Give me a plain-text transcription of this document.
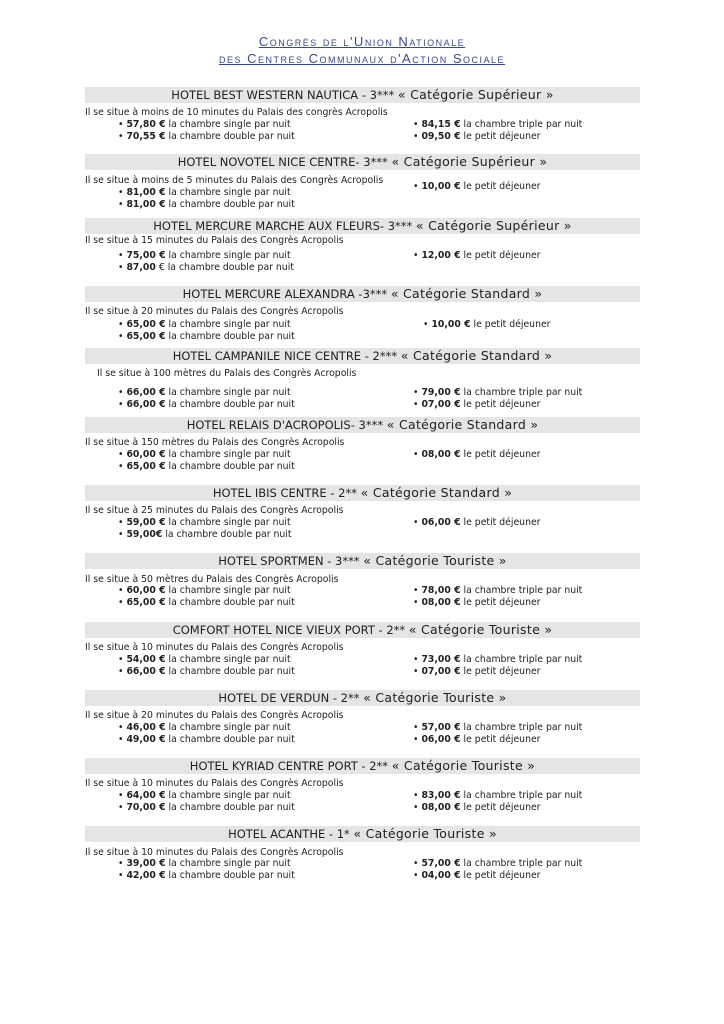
Congrès de l'Union Nationale
des Centres Communaux d'Action Sociale
HOTEL BEST WESTERN NAUTICA - 3*** « Catégorie Supérieur »
Il se situe à moins de 10 minutes du Palais des congrès Acropolis
• 57,80 € la chambre single par nuit
• 70,55 € la chambre double par nuit
• 84,15 € la chambre triple par nuit
• 09,50 € le petit déjeuner
HOTEL NOVOTEL NICE CENTRE- 3*** « Catégorie Supérieur »
Il se situe à moins de 5 minutes du Palais des Congrès Acropolis
• 81,00 € la chambre single par nuit
• 81,00 € la chambre double par nuit
• 10,00 € le petit déjeuner
HOTEL MERCURE MARCHE AUX FLEURS- 3*** « Catégorie Supérieur »
Il se situe à 15 minutes du Palais des Congrès Acropolis
• 75,00 € la chambre single par nuit
• 87,00 € la chambre double par nuit
• 12,00 € le petit déjeuner
HOTEL MERCURE ALEXANDRA -3*** « Catégorie Standard »
Il se situe à 20 minutes du Palais des Congrès Acropolis
• 65,00 € la chambre single par nuit
• 65,00 € la chambre double par nuit
• 10,00 € le petit déjeuner
HOTEL CAMPANILE NICE CENTRE - 2*** « Catégorie Standard »
Il se situe à 100 mètres du Palais des Congrès Acropolis
• 66,00 € la chambre single par nuit
• 66,00 € la chambre double par nuit
• 79,00 € la chambre triple par nuit
• 07,00 € le petit déjeuner
HOTEL RELAIS D'ACROPOLIS- 3*** « Catégorie Standard »
Il se situe à 150 mètres du Palais des Congrès Acropolis
• 60,00 € la chambre single par nuit
• 65,00 € la chambre double par nuit
• 08,00 € le petit déjeuner
HOTEL IBIS CENTRE - 2** « Catégorie Standard »
Il se situe à 25 minutes du Palais des Congrès Acropolis
• 59,00 € la chambre single par nuit
• 59,00€ la chambre double par nuit
• 06,00 € le petit déjeuner
HOTEL SPORTMEN - 3*** « Catégorie Touriste »
Il se situe à 50 mètres du Palais des Congrès Acropolis
• 60,00 € la chambre single par nuit
• 65,00 € la chambre double par nuit
• 78,00 € la chambre triple par nuit
• 08,00 € le petit déjeuner
COMFORT HOTEL NICE VIEUX PORT - 2** « Catégorie Touriste »
Il se situe à 10 minutes du Palais des Congrès Acropolis
• 54,00 € la chambre single par nuit
• 66,00 € la chambre double par nuit
• 73,00 € la chambre triple par nuit
• 07,00 € le petit déjeuner
HOTEL DE VERDUN - 2** « Catégorie Touriste »
Il se situe à 20 minutes du Palais des Congrès Acropolis
• 46,00 € la chambre single par nuit
• 49,00 € la chambre double par nuit
• 57,00 € la chambre triple par nuit
• 06,00 € le petit déjeuner
HOTEL KYRIAD CENTRE PORT - 2** « Catégorie Touriste »
Il se situe à 10 minutes du Palais des Congrès Acropolis
• 64,00 € la chambre single par nuit
• 70,00 € la chambre double par nuit
• 83,00 € la chambre triple par nuit
• 08,00 € le petit déjeuner
HOTEL ACANTHE - 1* « Catégorie Touriste »
Il se situe à 10 minutes du Palais des Congrès Acropolis
• 39,00 € la chambre single par nuit
• 42,00 € la chambre double par nuit
• 57,00 € la chambre triple par nuit
• 04,00 € le petit déjeuner
